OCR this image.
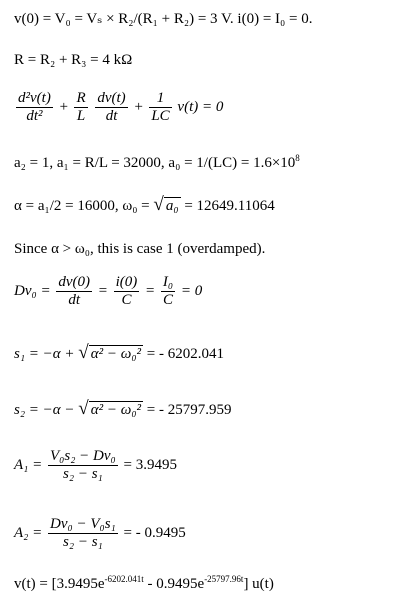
v(0) = V₀ = Vₛ × R₂/(R₁ + R₂) = 3 V. i(0) = I₀ = 0.
R = R₂ + R₃ = 4 kΩ
$\frac{\text{d²v(t)}}{\text{dt²}} + \frac{R}{L}$
$\frac{dv(t)}{dt} + \frac{1}{LC} v(t) = 0$
a₂ = 1, a₁ = R/L = 32000, $a_0 = 1/(LC) = 1.6\times 10^8$
α = a₁/2 = 16000, ω₀ = √ a₀ = 12649.11064
Since α > ω₀, this is case 1 (overdamped).
$Dv_0 = \frac{dv(0)}{dt} = \frac{i(0)}{C} = \frac{\text{I₀}}{C} = 0$
s₁ = −α + √ α² − ω₀² = - 6202.041
s₂ = −α − √ α² − ω₀² = - 25797.959
$A_1 = \frac{\text{V₀s₂ − Dv₀}}{\text{s₂ − s₁}} = 3.9495$
$A_2 = \frac{\text{Dv₀ − V₀s₁}}{\text{s₂ − s₁}}$ = - 0.9495
$v(t) = [3.9495e^{-6202.041t} - 0.9495e^{-25797.96t}]$ u(t)
